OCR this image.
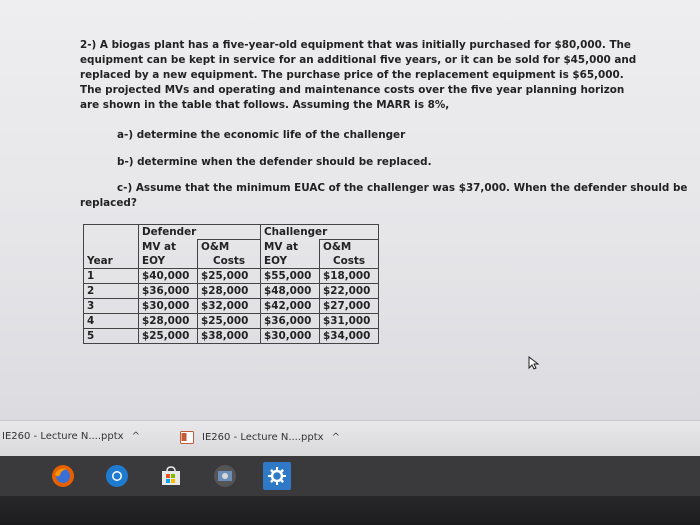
2-) A biogas plant has a five-year-old equipment that was initially purchased for $80,000. The equipment can be kept in service for an additional five years, or it can be sold for $45,000 and replaced by a new equipment. The purchase price of the replacement equipment is $65,000. The projected MVs and operating and maintenance costs over the five year planning horizon are shown in the table that follows. Assuming the MARR is 8%,
a-) determine the economic life of the challenger
b-) determine when the defender should be replaced.
c-) Assume that the minimum EUAC of the challenger was $37,000. When the defender should be
replaced?
	Defender		Challenger	
	MV at	O&M	MV at	O&M
Year	EOY	Costs	EOY	Costs
1	$40,000	$25,000	$55,000	$18,000
2	$36,000	$28,000	$48,000	$22,000
3	$30,000	$32,000	$42,000	$27,000
4	$28,000	$25,000	$36,000	$31,000
5	$25,000	$38,000	$30,000	$34,000
IE260 - Lecture N....pptx ^	IE260 - Lecture N....pptx ^
